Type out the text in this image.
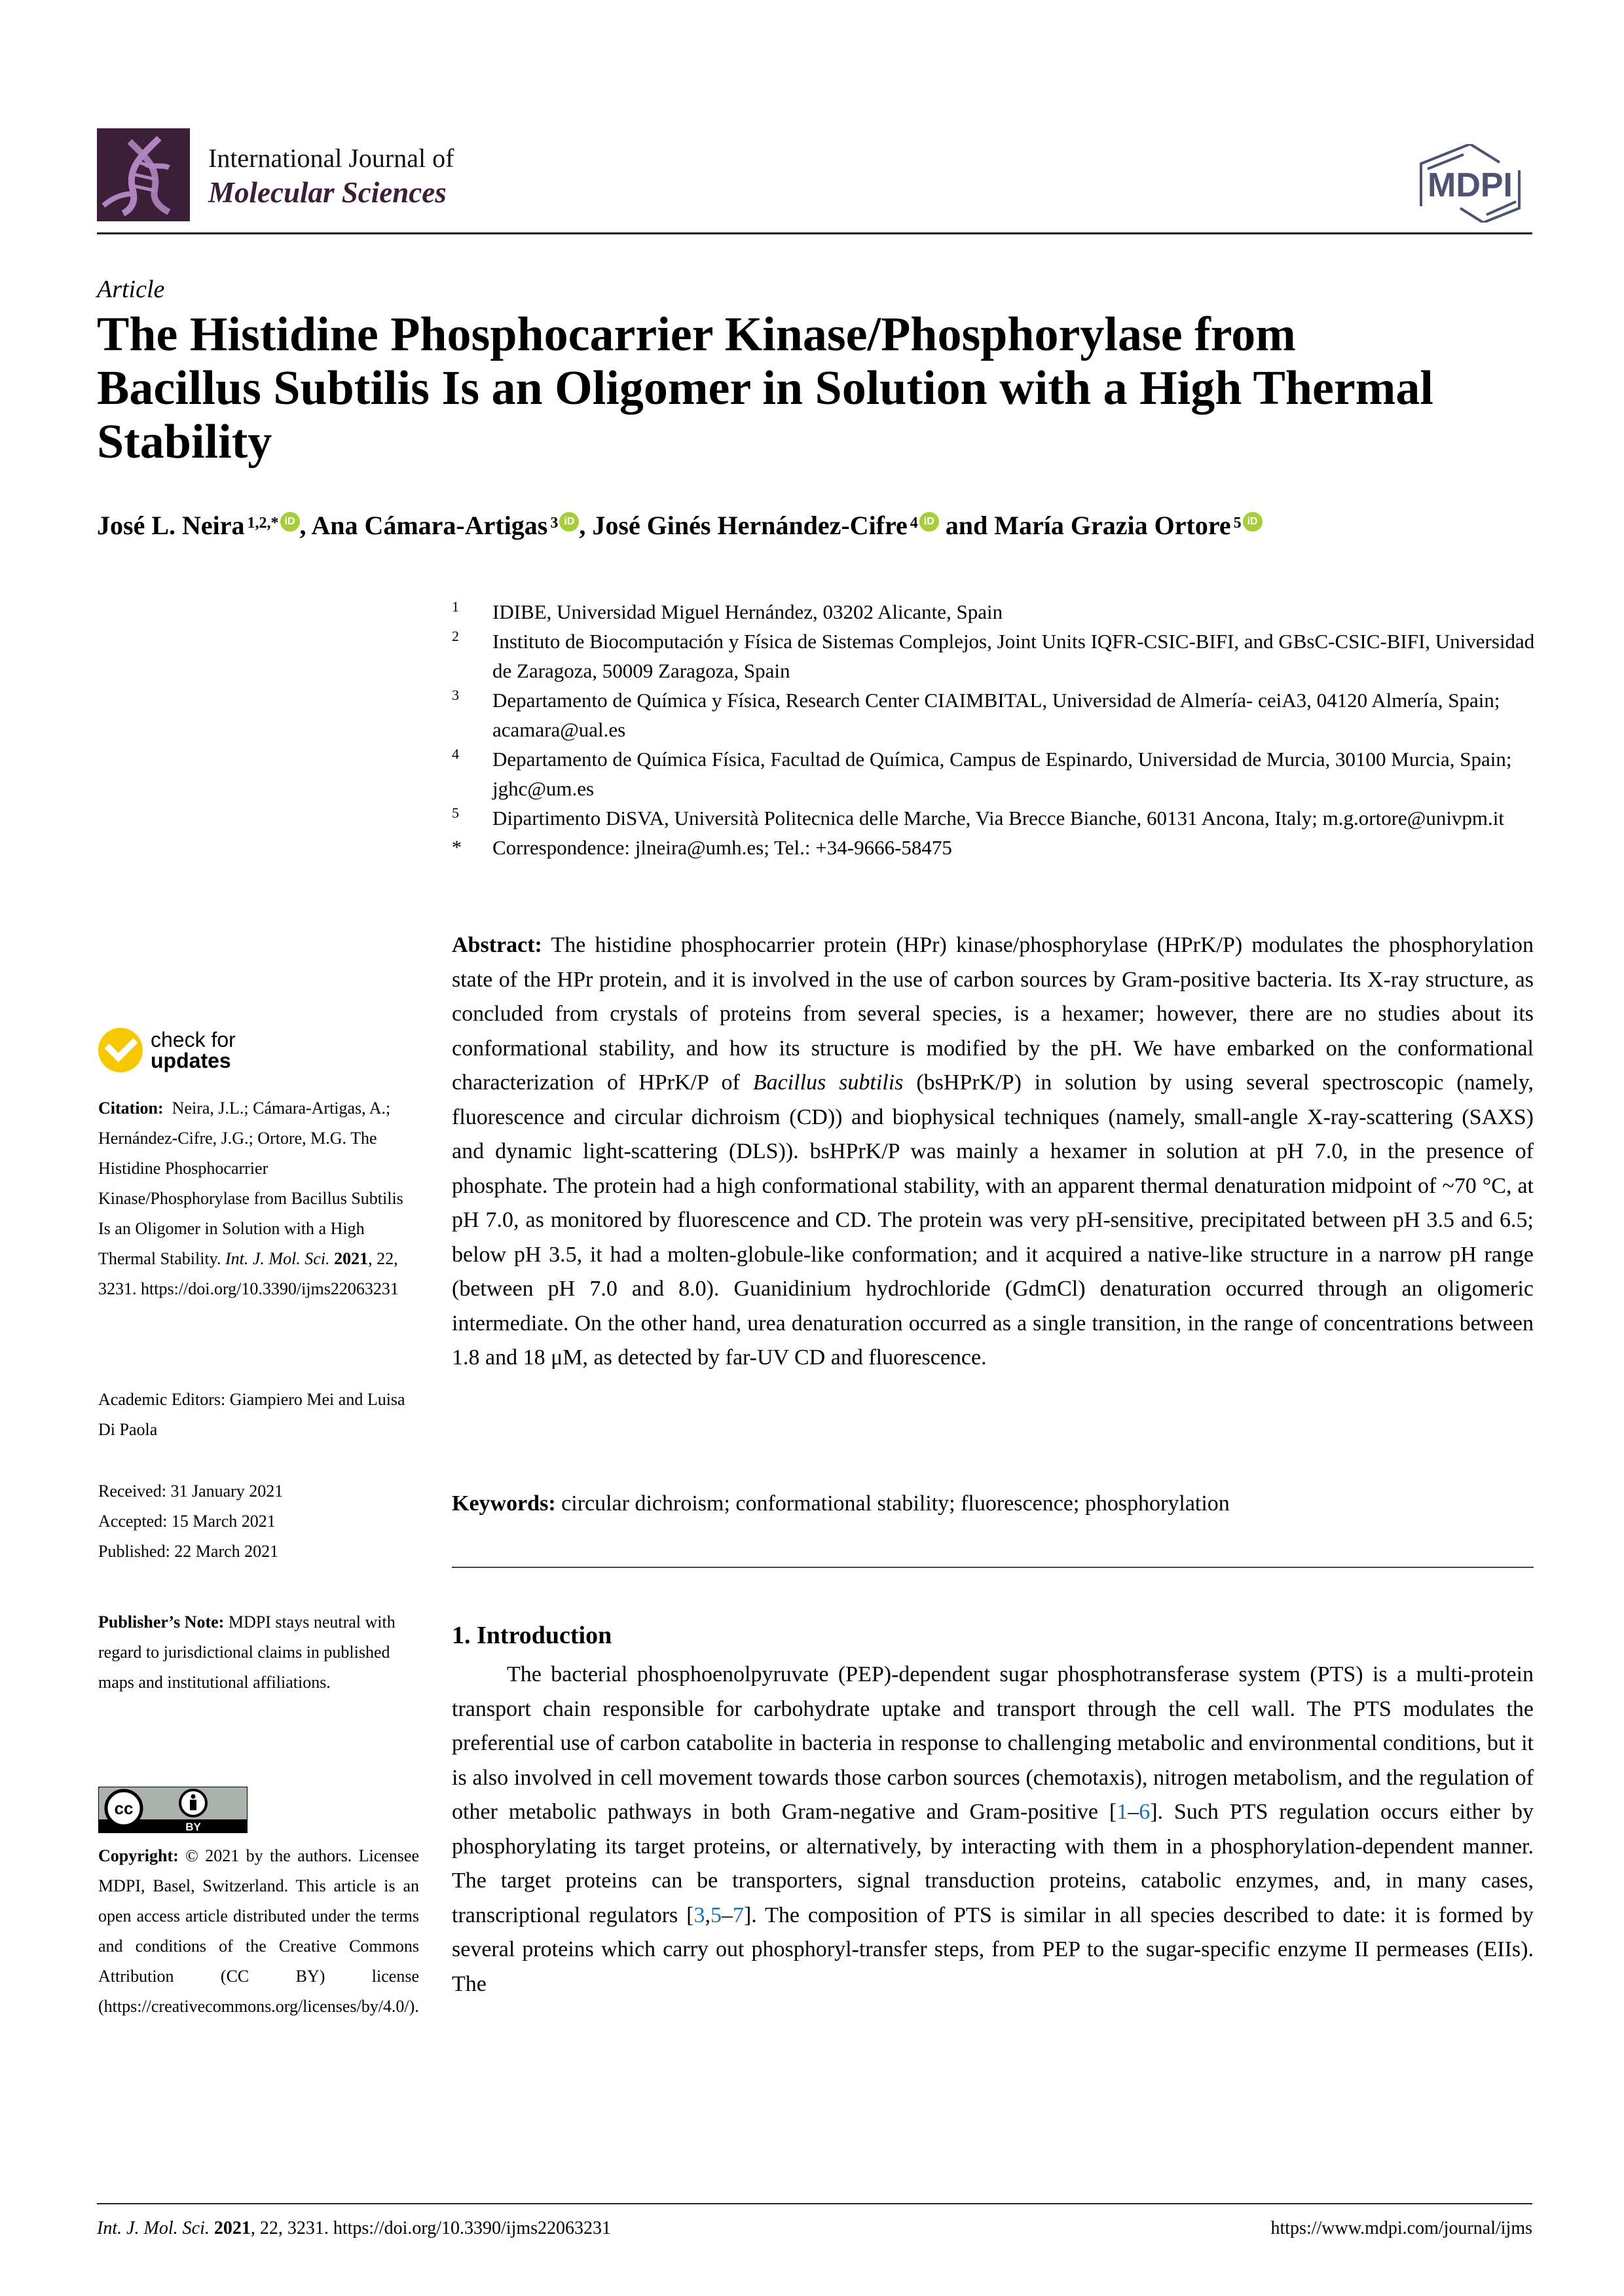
International Journal of
Molecular Sciences	MDPI
Article
The Histidine Phosphocarrier Kinase/Phosphorylase from Bacillus Subtilis Is an Oligomer in Solution with a High Thermal Stability
José L. Neira $^{1,2,*}$ iD , Ana Cámara-Artigas $^3$ iD , José Ginés Hernández-Cifre $^4$ iD and María Grazia Ortore $^5$ iD
1	IDIBE, Universidad Miguel Hernández, 03202 Alicante, Spain
2	Instituto de Biocomputación y Física de Sistemas Complejos, Joint Units IQFR-CSIC-BIFI, and GBsC-CSIC-BIFI, Universidad de Zaragoza, 50009 Zaragoza, Spain
3	Departamento de Química y Física, Research Center CIAIMBITAL, Universidad de Almería- ceiA3, 04120 Almería, Spain; acamara@ual.es
4	Departamento de Química Física, Facultad de Química, Campus de Espinardo, Universidad de Murcia, 30100 Murcia, Spain; jghc@um.es
5	Dipartimento DiSVA, Università Politecnica delle Marche, Via Brecce Bianche, 60131 Ancona, Italy; m.g.ortore@univpm.it
*	Correspondence: jlneira@umh.es; Tel.: +34-9666-58475
check for
updates
Citation: Neira, J.L.; Cámara-Artigas, A.; Hernández-Cifre, J.G.; Ortore, M.G. The Histidine Phosphocarrier Kinase/Phosphorylase from Bacillus Subtilis Is an Oligomer in Solution with a High Thermal Stability. Int. J. Mol. Sci. 2021, 22, 3231. https://doi.org/10.3390/ijms22063231
Academic Editors: Giampiero Mei and Luisa Di Paola
Received: 31 January 2021
Accepted: 15 March 2021
Published: 22 March 2021
Publisher’s Note: MDPI stays neutral with regard to jurisdictional claims in published maps and institutional affiliations.
cc
BY
Copyright: © 2021 by the authors. Licensee MDPI, Basel, Switzerland. This article is an open access article distributed under the terms and conditions of the Creative Commons Attribution (CC BY) license (https://creativecommons.org/licenses/by/4.0/).
Abstract: The histidine phosphocarrier protein (HPr) kinase/phosphorylase (HPrK/P) modulates the phosphorylation state of the HPr protein, and it is involved in the use of carbon sources by Gram-positive bacteria. Its X-ray structure, as concluded from crystals of proteins from several species, is a hexamer; however, there are no studies about its conformational stability, and how its structure is modified by the pH. We have embarked on the conformational characterization of HPrK/P of Bacillus subtilis (bsHPrK/P) in solution by using several spectroscopic (namely, fluorescence and circular dichroism (CD)) and biophysical techniques (namely, small-angle X-ray-scattering (SAXS) and dynamic light-scattering (DLS)). bsHPrK/P was mainly a hexamer in solution at pH 7.0, in the presence of phosphate. The protein had a high conformational stability, with an apparent thermal denaturation midpoint of ~70 °C, at pH 7.0, as monitored by fluorescence and CD. The protein was very pH-sensitive, precipitated between pH 3.5 and 6.5; below pH 3.5, it had a molten-globule-like conformation; and it acquired a native-like structure in a narrow pH range (between pH 7.0 and 8.0). Guanidinium hydrochloride (GdmCl) denaturation occurred through an oligomeric intermediate. On the other hand, urea denaturation occurred as a single transition, in the range of concentrations between 1.8 and 18 μM, as detected by far-UV CD and fluorescence.
Keywords: circular dichroism; conformational stability; fluorescence; phosphorylation
1. Introduction

The bacterial phosphoenolpyruvate (PEP)-dependent sugar phosphotransferase system (PTS) is a multi-protein transport chain responsible for carbohydrate uptake and transport through the cell wall. The PTS modulates the preferential use of carbon catabolite in bacteria in response to challenging metabolic and environmental conditions, but it is also involved in cell movement towards those carbon sources (chemotaxis), nitrogen metabolism, and the regulation of other metabolic pathways in both Gram-negative and Gram-positive [1–6]. Such PTS regulation occurs either by phosphorylating its target proteins, or alternatively, by interacting with them in a phosphorylation-dependent manner. The target proteins can be transporters, signal transduction proteins, catabolic enzymes, and, in many cases, transcriptional regulators [3,5–7]. The composition of PTS is similar in all species described to date: it is formed by several proteins which carry out phosphoryl-transfer steps, from PEP to the sugar-specific enzyme II permeases (EIIs). The

Int. J. Mol. Sci. 2021, 22, 3231. https://doi.org/10.3390/ijms22063231	https://www.mdpi.com/journal/ijms
